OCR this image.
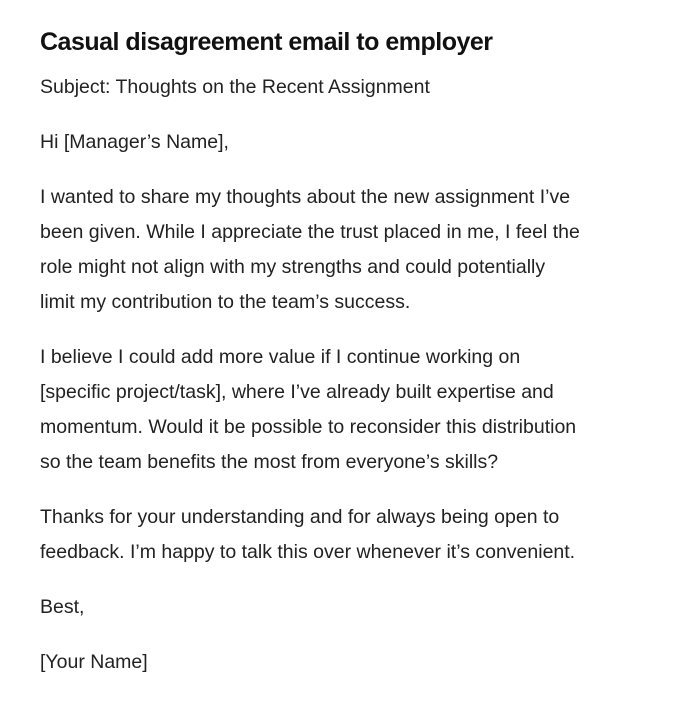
Casual disagreement email to employer

Subject: Thoughts on the Recent Assignment

Hi [Manager’s Name],

I wanted to share my thoughts about the new assignment I’ve
been given. While I appreciate the trust placed in me, I feel the
role might not align with my strengths and could potentially
limit my contribution to the team’s success.

I believe I could add more value if I continue working on
[specific project/task], where I’ve already built expertise and
momentum. Would it be possible to reconsider this distribution
so the team benefits the most from everyone’s skills?

Thanks for your understanding and for always being open to
feedback. I’m happy to talk this over whenever it’s convenient.

Best,

[Your Name]
